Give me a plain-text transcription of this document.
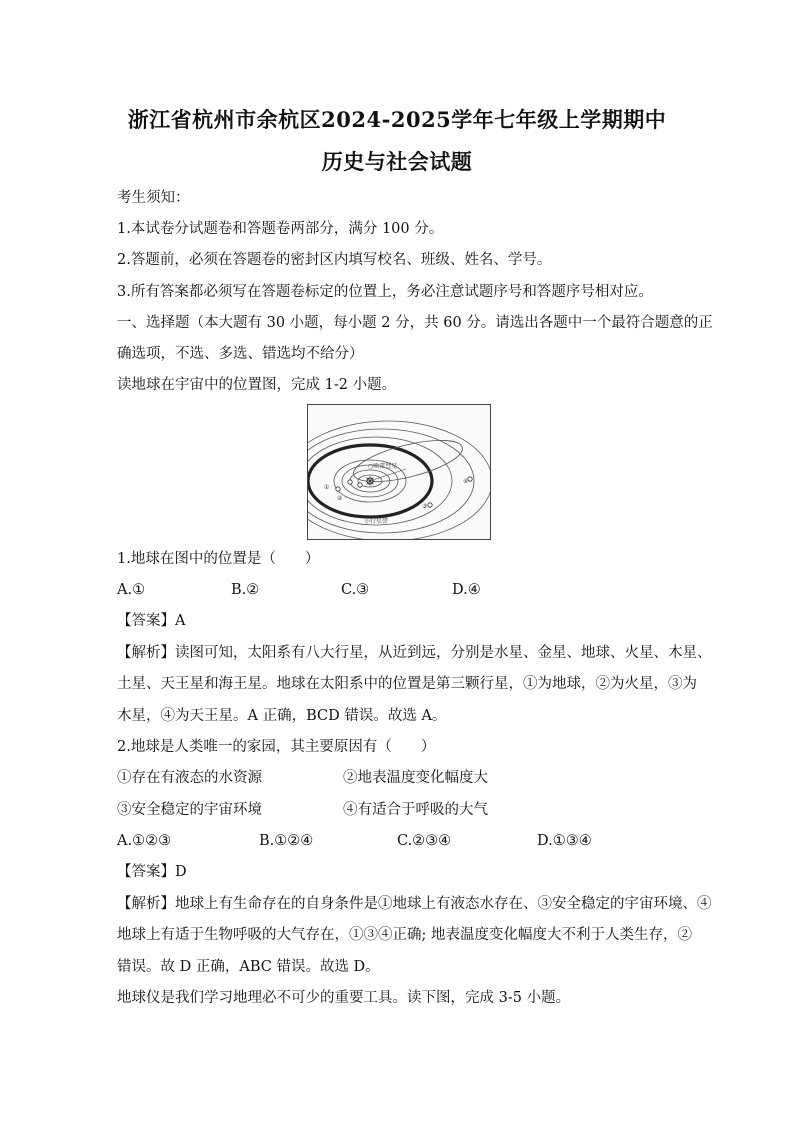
浙江省杭州市余杭区2024-2025学年七年级上学期期中
历史与社会试题
考生须知：
1.本试卷分试题卷和答题卷两部分，满分 100 分。
2.答题前，必须在答题卷的密封区内填写校名、班级、姓名、学号。
3.所有答案都必须写在答题卷标定的位置上，务必注意试题序号和答题序号相对应。
一、选择题（本大题有 30 小题，每小题 2 分，共 60 分。请选出各题中一个最符合题意的正
确选项，不选、多选、错选均不给分）
读地球在宇宙中的位置图，完成 1-2 小题。
○哈雷彗星
小行星带
①
②
③
④
1.地球在图中的位置是（　　）
A.①	B.②	C.③	D.④
【答案】A
【解析】读图可知，太阳系有八大行星，从近到远，分别是水星、金星、地球、火星、木星、
土星、天王星和海王星。地球在太阳系中的位置是第三颗行星，①为地球，②为火星，③为
木星，④为天王星。A 正确，BCD 错误。故选 A。
2.地球是人类唯一的家园，其主要原因有（　　）
①存在有液态的水资源	②地表温度变化幅度大
③安全稳定的宇宙环境	④有适合于呼吸的大气
A.①②③	B.①②④	C.②③④	D.①③④
【答案】D
【解析】地球上有生命存在的自身条件是①地球上有液态水存在、③安全稳定的宇宙环境、④
地球上有适于生物呼吸的大气存在，①③④正确; 地表温度变化幅度大不利于人类生存，②
错误。故 D 正确，ABC 错误。故选 D。
地球仪是我们学习地理必不可少的重要工具。读下图，完成 3-5 小题。
